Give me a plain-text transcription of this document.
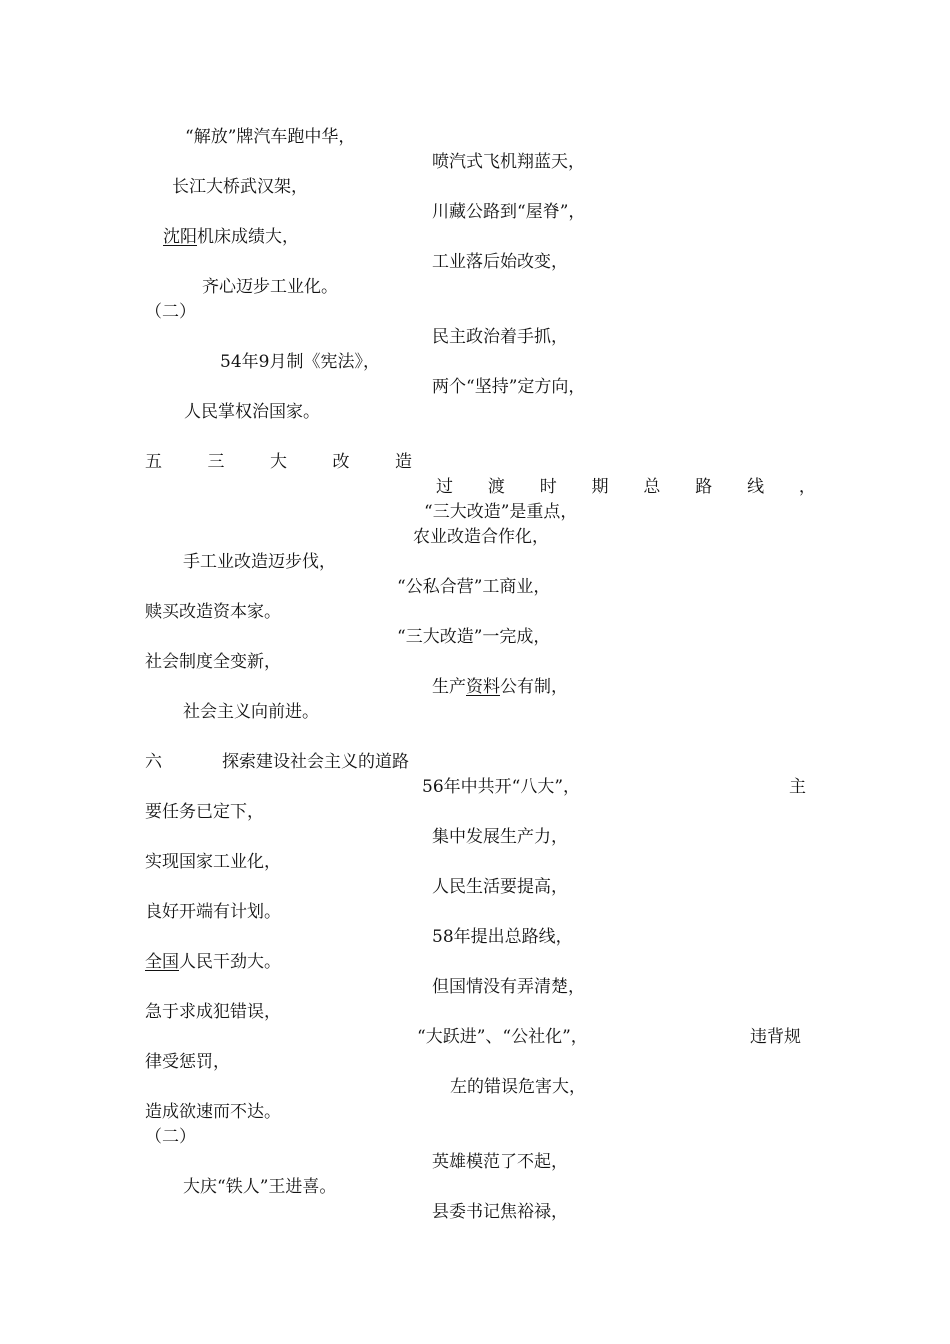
“解放”牌汽车跑中华，
喷汽式飞机翔蓝天，
长江大桥武汉架，
川藏公路到“屋脊”，
沈阳机床成绩大，
工业落后始改变，
齐心迈步工业化。
（二）
民主政治着手抓，
54年9月制《宪法》，
两个“坚持”定方向，
人民掌权治国家。
五	三	大	改	造
过 渡 时 期 总 路 线 ，
“三大改造”是重点，
农业改造合作化，
手工业改造迈步伐，
“公私合营”工商业，
赎买改造资本家。
“三大改造”一完成，
社会制度全变新，
生产资料公有制，
社会主义向前进。
六	探索建设社会主义的道路
56年中共开“八大”，	主
要任务已定下，
集中发展生产力，
实现国家工业化，
人民生活要提高，
良好开端有计划。
58年提出总路线，
全国人民干劲大。
但国情没有弄清楚，
急于求成犯错误，
“大跃进”、“公社化”，	违背规
律受惩罚，
左的错误危害大，
造成欲速而不达。
（二）
英雄模范了不起，
大庆“铁人”王进喜。
县委书记焦裕禄，
